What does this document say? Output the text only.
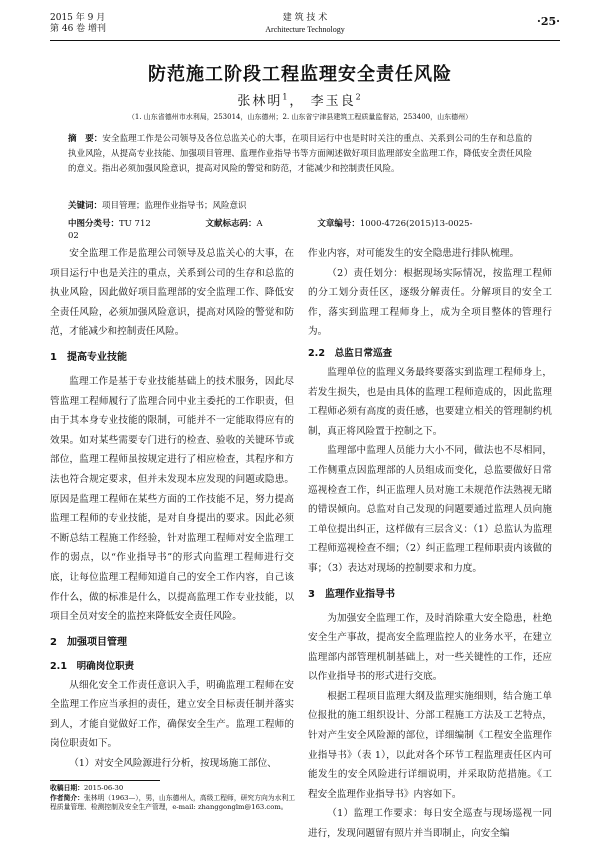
2015 年 9 月
第 46 卷 增刊
建 筑 技 术
Architecture Technology
·25·
防范施工阶段工程监理安全责任风险
张林明$^1$， 李玉良$^2$
（1. 山东省德州市水利局，253014，山东德州；2. 山东省宁津县建筑工程质量监督站，253400，山东德州）
摘　要：安全监理工作是公司领导及各位总监关心的大事，在项目运行中也是时时关注的重点、关系到公司的生存和总监的执业风险，从提高专业技能、加强项目管理、监理作业指导书等方面阐述做好项目监理部安全监理工作，降低安全责任风险的意义。指出必须加强风险意识，提高对风险的警觉和防范，才能减少和控制责任风险。
关键词：项目管理；监理作业指导书；风险意识
中图分类号：TU 712	文献标志码：A	文章编号：1000-4726(2015)13-0025-02

安全监理工作是监理公司领导及总监关心的大事，在项目运行中也是关注的重点，关系到公司的生存和总监的执业风险，因此做好项目监理部的安全监理工作、降低安全责任风险，必须加强风险意识，提高对风险的警觉和防范，才能减少和控制责任风险。

1　提高专业技能

监理工作是基于专业技能基础上的技术服务，因此尽管监理工程师履行了监理合同中业主委托的工作职责，但由于其本身专业技能的限制，可能并不一定能取得应有的效果。如对某些需要专门进行的检查、验收的关键环节或部位，监理工程师虽按规定进行了相应检查，其程序和方法也符合规定要求，但并未发现本应发现的问题或隐患。原因是监理工程师在某些方面的工作技能不足，努力提高监理工程师的专业技能，是对自身提出的要求。因此必须不断总结工程施工作经验，针对监理工程师对安全监理工作的弱点，以“作业指导书”的形式向监理工程师进行交底，让每位监理工程师知道自己的安全工作内容，自己该作什么，做的标准是什么，以提高监理工作专业技能，以项目全员对安全的监控来降低安全责任风险。

2　加强项目管理
2.1　明确岗位职责

从细化安全工作责任意识入手，明确监理工程师在安全监理工作应当承担的责任，建立安全目标责任制并落实到人，才能自觉做好工作，确保安全生产。监理工程师的岗位职责如下。

（1）对安全风险源进行分析，按现场施工部位、

作业内容，对可能发生的安全隐患进行排队梳理。

（2）责任划分：根据现场实际情况，按监理工程师的分工划分责任区，逐级分解责任。分解项目的安全工作，落实到监理工程师身上，成为全项目整体的管理行为。

2.2　总监日常巡查

监理单位的监理义务最终要落实到监理工程师身上，若发生损失，也是由具体的监理工程师造成的，因此监理工程师必须有高度的责任感，也要建立相关的管理制约机制，真正将风险置于控制之下。

监理部中监理人员能力大小不同，做法也不尽相同，工作侧重点因监理部的人员组成而变化，总监要做好日常巡视检查工作，纠正监理人员对施工未规范作法熟视无睹的错误倾向。总监对自己发现的问题要通过监理人员向施工单位提出纠正，这样做有三层含义：（1）总监认为监理工程师巡视检查不细；（2）纠正监理工程师职责内该做的事；（3）表达对现场的控制要求和力度。

3　监理作业指导书

为加强安全监理工作，及时消除重大安全隐患，杜绝安全生产事故，提高安全监理监控人的业务水平，在建立监理部内部管理机制基础上，对一些关键性的工作，还应以作业指导书的形式进行交底。

根据工程项目监理大纲及监理实施细则，结合施工单位报批的施工组织设计、分部工程施工方法及工艺特点，针对产生安全风险源的部位，详细编制《工程安全监理作业指导书》（表 1），以此对各个环节工程监理责任区内可能发生的安全风险进行详细说明，并采取防范措施。《工程安全监理作业指导书》内容如下。

（1）监理工作要求：每日安全巡查与现场巡视一同进行，发现问题留有照片并当即制止，向安全编

收稿日期：2015-06-30
作者简介：张林明（1963—），男，山东德州人，高级工程师，研究方向为水利工程质量管理、检测控制及安全生产管理，e-mail: zhanggonglm@163.com。
